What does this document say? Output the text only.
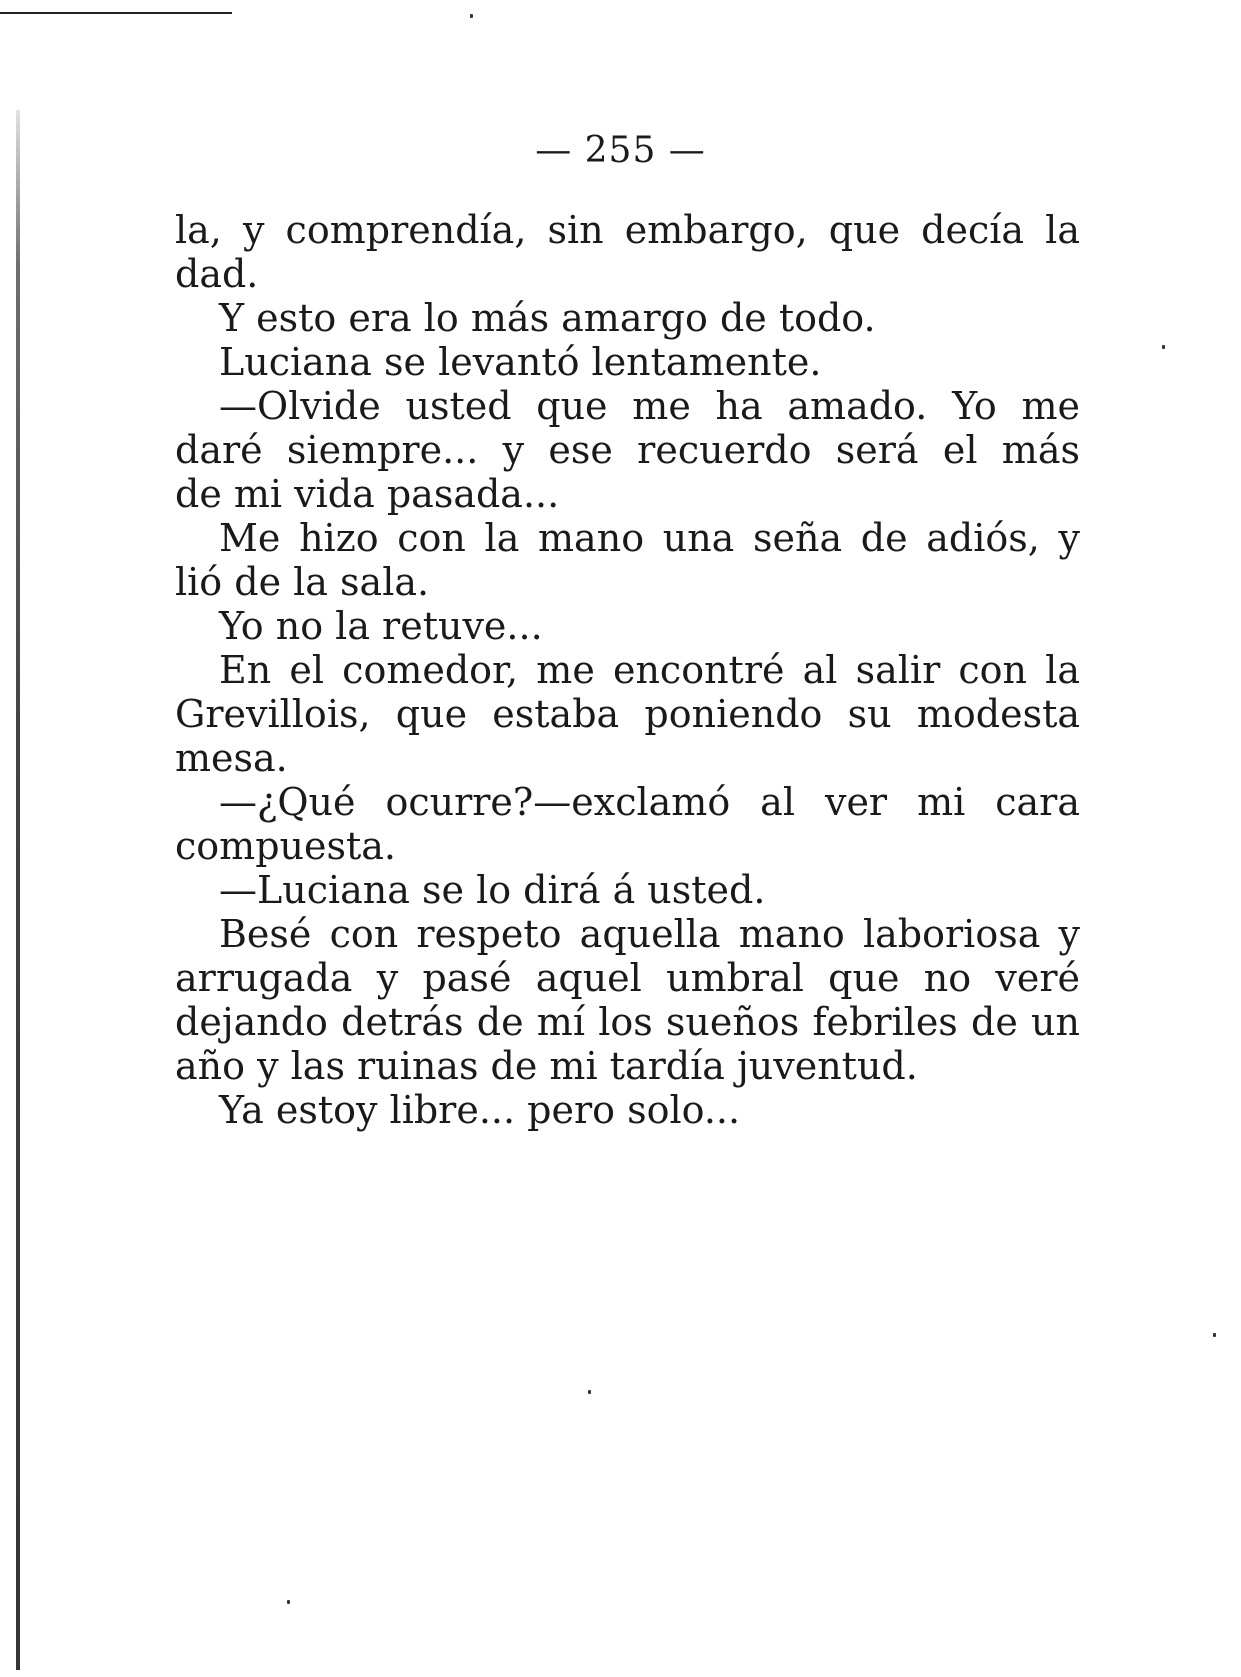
— 255 —
la, y comprendía, sin embargo, que decía la
dad.
Y esto era lo más amargo de todo.
Luciana se levantó lentamente.
—Olvide usted que me ha amado. Yo me
daré siempre... y ese recuerdo será el más
de mi vida pasada...
Me hizo con la mano una seña de adiós, y
lió de la sala.
Yo no la retuve...
En el comedor, me encontré al salir con la
Grevillois, que estaba poniendo su modesta
mesa.
—¿Qué ocurre?—exclamó al ver mi cara
compuesta.
—Luciana se lo dirá á usted.
Besé con respeto aquella mano laboriosa y
arrugada y pasé aquel umbral que no veré
dejando detrás de mí los sueños febriles de un
año y las ruinas de mi tardía juventud.
Ya estoy libre... pero solo...
